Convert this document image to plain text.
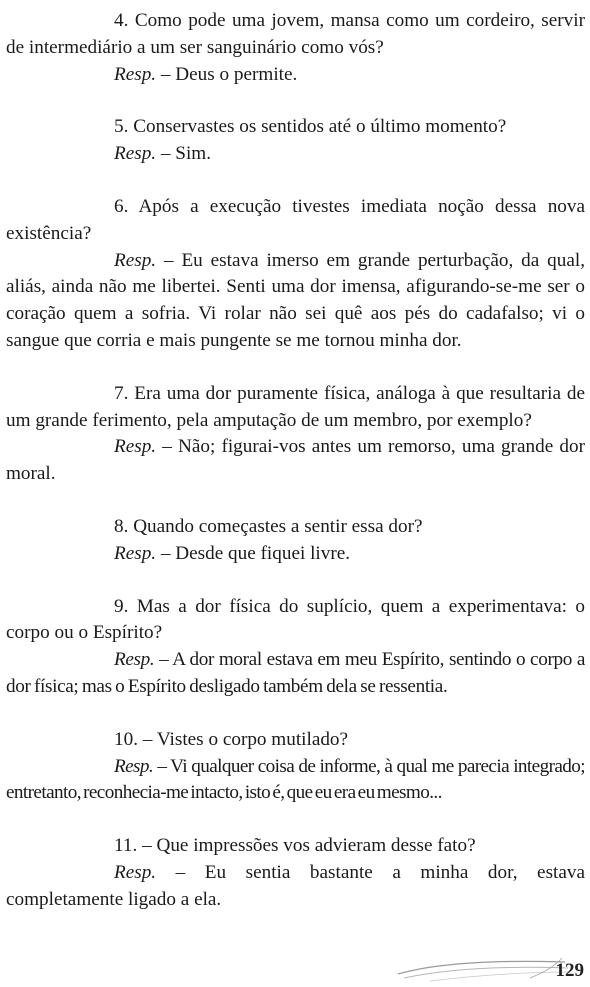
4. Como pode uma jovem, mansa como um cordeiro, servir de intermediário a um ser sanguinário como vós?

Resp. – Deus o permite.

5. Conservastes os sentidos até o último momento?

Resp. – Sim.

6. Após a execução tivestes imediata noção dessa nova existência?

Resp. – Eu estava imerso em grande perturbação, da qual, aliás, ainda não me libertei. Senti uma dor imensa, afigurando-se-me ser o coração quem a sofria. Vi rolar não sei quê aos pés do cadafalso; vi o sangue que corria e mais pungente se me tornou minha dor.

7. Era uma dor puramente física, análoga à que resultaria de um grande ferimento, pela amputação de um membro, por exemplo?

Resp. – Não; figurai-vos antes um remorso, uma grande dor moral.

8. Quando começastes a sentir essa dor?

Resp. – Desde que fiquei livre.

9. Mas a dor física do suplício, quem a experimentava: o corpo ou o Espírito?

Resp. – A dor moral estava em meu Espírito, sentindo o corpo a dor física; mas o Espírito desligado também dela se ressentia.

10. – Vistes o corpo mutilado?

Resp. – Vi qualquer coisa de informe, à qual me parecia integrado; entretanto, reconhecia-me intacto, isto é, que eu era eu mesmo...

11. – Que impressões vos advieram desse fato?

Resp. – Eu sentia bastante a minha dor, estava completamente ligado a ela.

129
